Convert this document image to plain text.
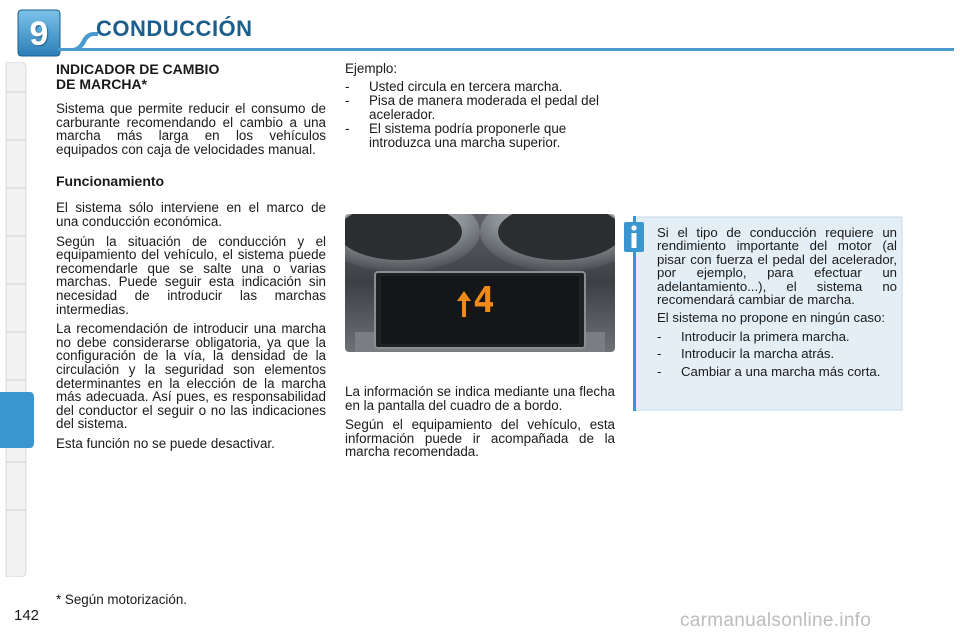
9	CONDUCCIÓN
INDICADOR DE CAMBIO
DE MARCHA*

Sistema que permite reducir el consumo de carburante recomendando el cambio a una marcha más larga en los vehículos equipados con caja de velocidades manual.

Funcionamiento

El sistema sólo interviene en el marco de una conducción económica.

Según la situación de conducción y el equipamiento del vehículo, el sistema puede recomendarle que se salte una o varias marchas. Puede seguir esta indicación sin necesidad de introducir las marchas intermedias.

La recomendación de introducir una marcha no debe considerarse obligatoria, ya que la configuración de la vía, la densidad de la circulación y la seguridad son elementos determinantes en la elección de la marcha más adecuada. Así pues, es responsabilidad del conductor el seguir o no las indicaciones del sistema.

Esta función no se puede desactivar.

Ejemplo:

-	Usted circula en tercera marcha.
-	Pisa de manera moderada el pedal del acelerador.
-	El sistema podría proponerle que introduzca una marcha superior.
4

La información se indica mediante una flecha en la pantalla del cuadro de a bordo.

Según el equipamiento del vehículo, esta información puede ir acompañada de la marcha recomendada.

Si el tipo de conducción requiere un rendimiento importante del motor (al pisar con fuerza el pedal del acelerador, por ejemplo, para efectuar un adelantamiento...), el sistema no recomendará cambiar de marcha.

El sistema no propone en ningún caso:

-	Introducir la primera marcha.
-	Introducir la marcha atrás.
-	Cambiar a una marcha más corta.
* Según motorización.
142	carmanualsonline.info
